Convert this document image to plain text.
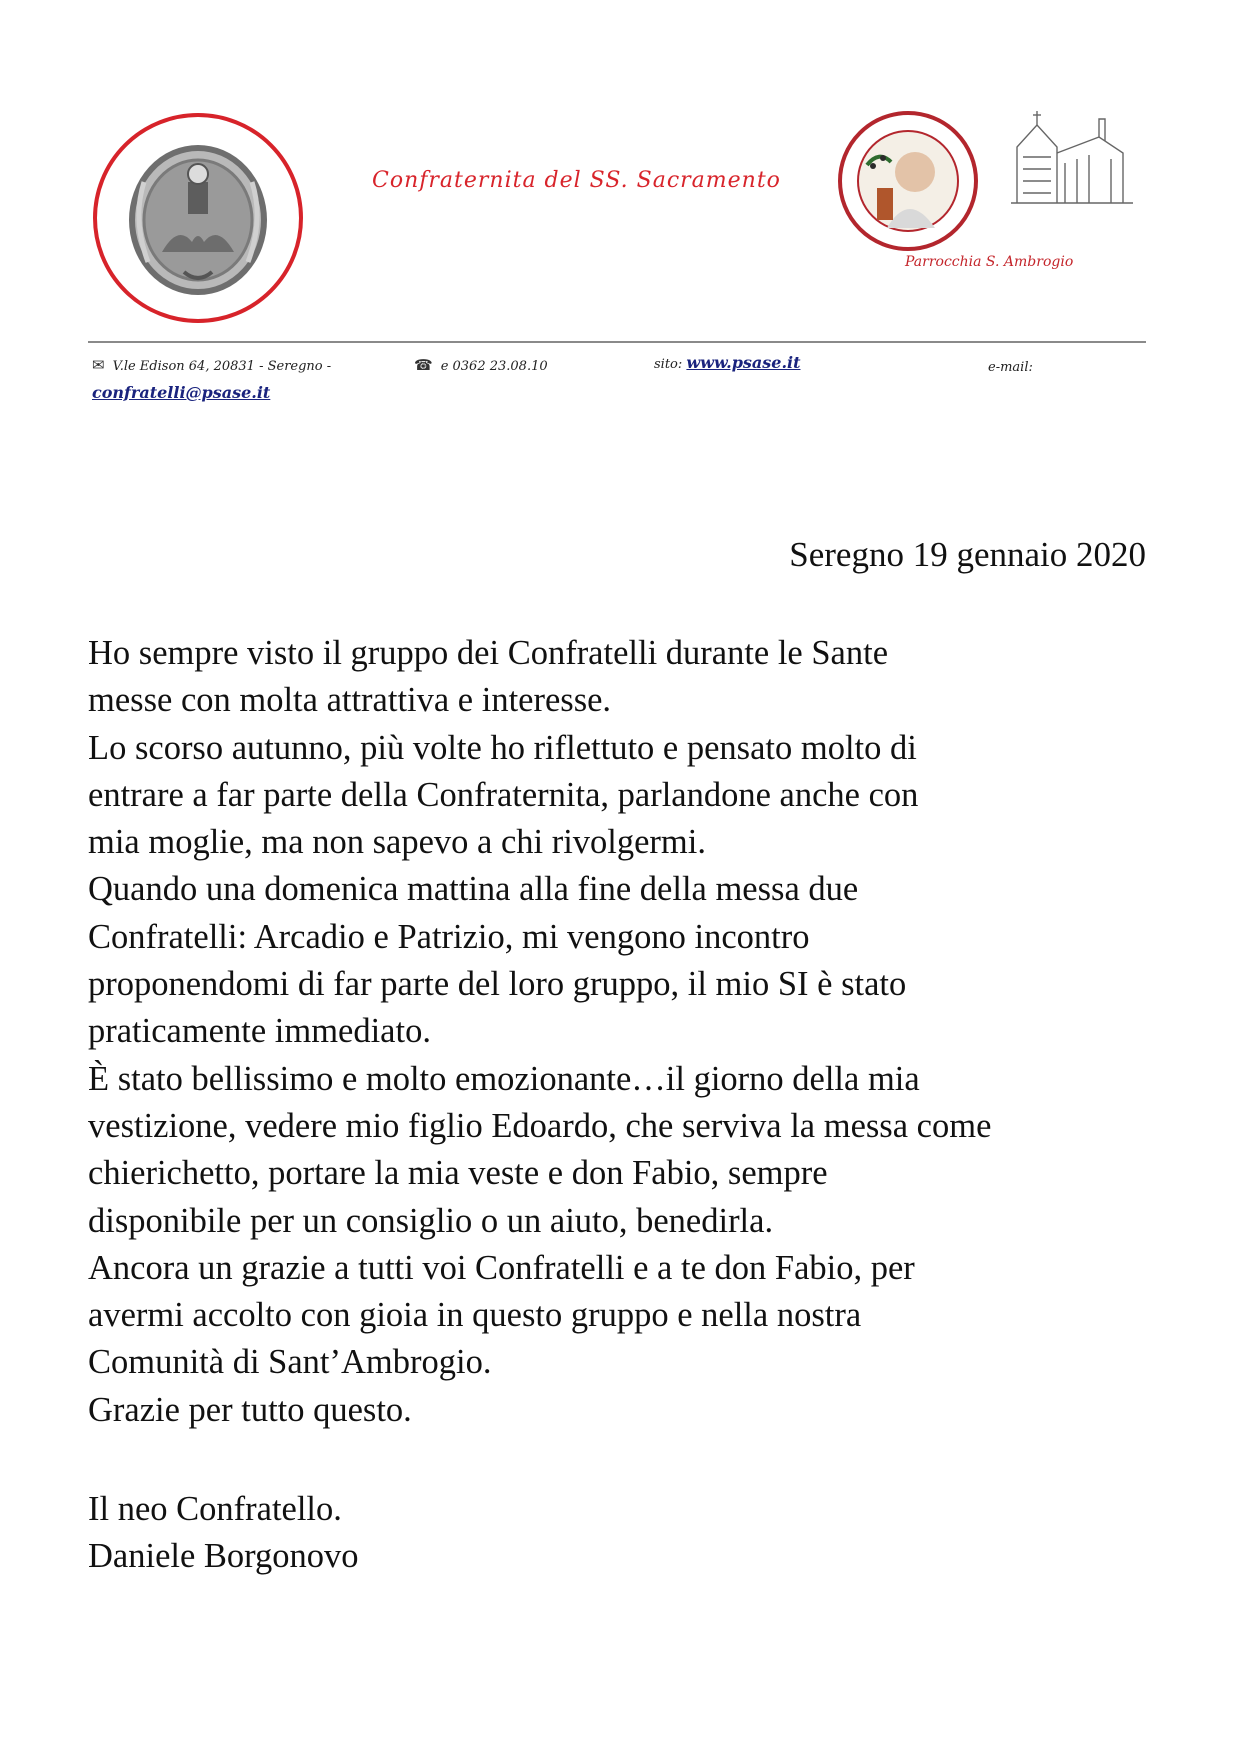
Confraternita del SS. Sacramento
Parrocchia S. Ambrogio
✉ V.le Edison 64, 20831 - Seregno -	☎ e 0362 23.08.10	sito: www.psase.it	e-mail:
confratelli@psase.it
Seregno 19 gennaio 2020
Ho sempre visto il gruppo dei Confratelli durante le Sante
messe con molta attrattiva e interesse.
Lo scorso autunno, più volte ho riflettuto e pensato molto di
entrare a far parte della Confraternita, parlandone anche con
mia moglie, ma non sapevo a chi rivolgermi.
Quando una domenica mattina alla fine della messa due
Confratelli: Arcadio e Patrizio, mi vengono incontro
proponendomi di far parte del loro gruppo, il mio SI è stato
praticamente immediato.
È stato bellissimo e molto emozionante…il giorno della mia
vestizione, vedere mio figlio Edoardo, che serviva la messa come
chierichetto, portare la mia veste e don Fabio, sempre
disponibile per un consiglio o un aiuto, benedirla.
Ancora un grazie a tutti voi Confratelli e a te don Fabio, per
avermi accolto con gioia in questo gruppo e nella nostra
Comunità di Sant’Ambrogio.
Grazie per tutto questo.
Il neo Confratello.
Daniele Borgonovo
